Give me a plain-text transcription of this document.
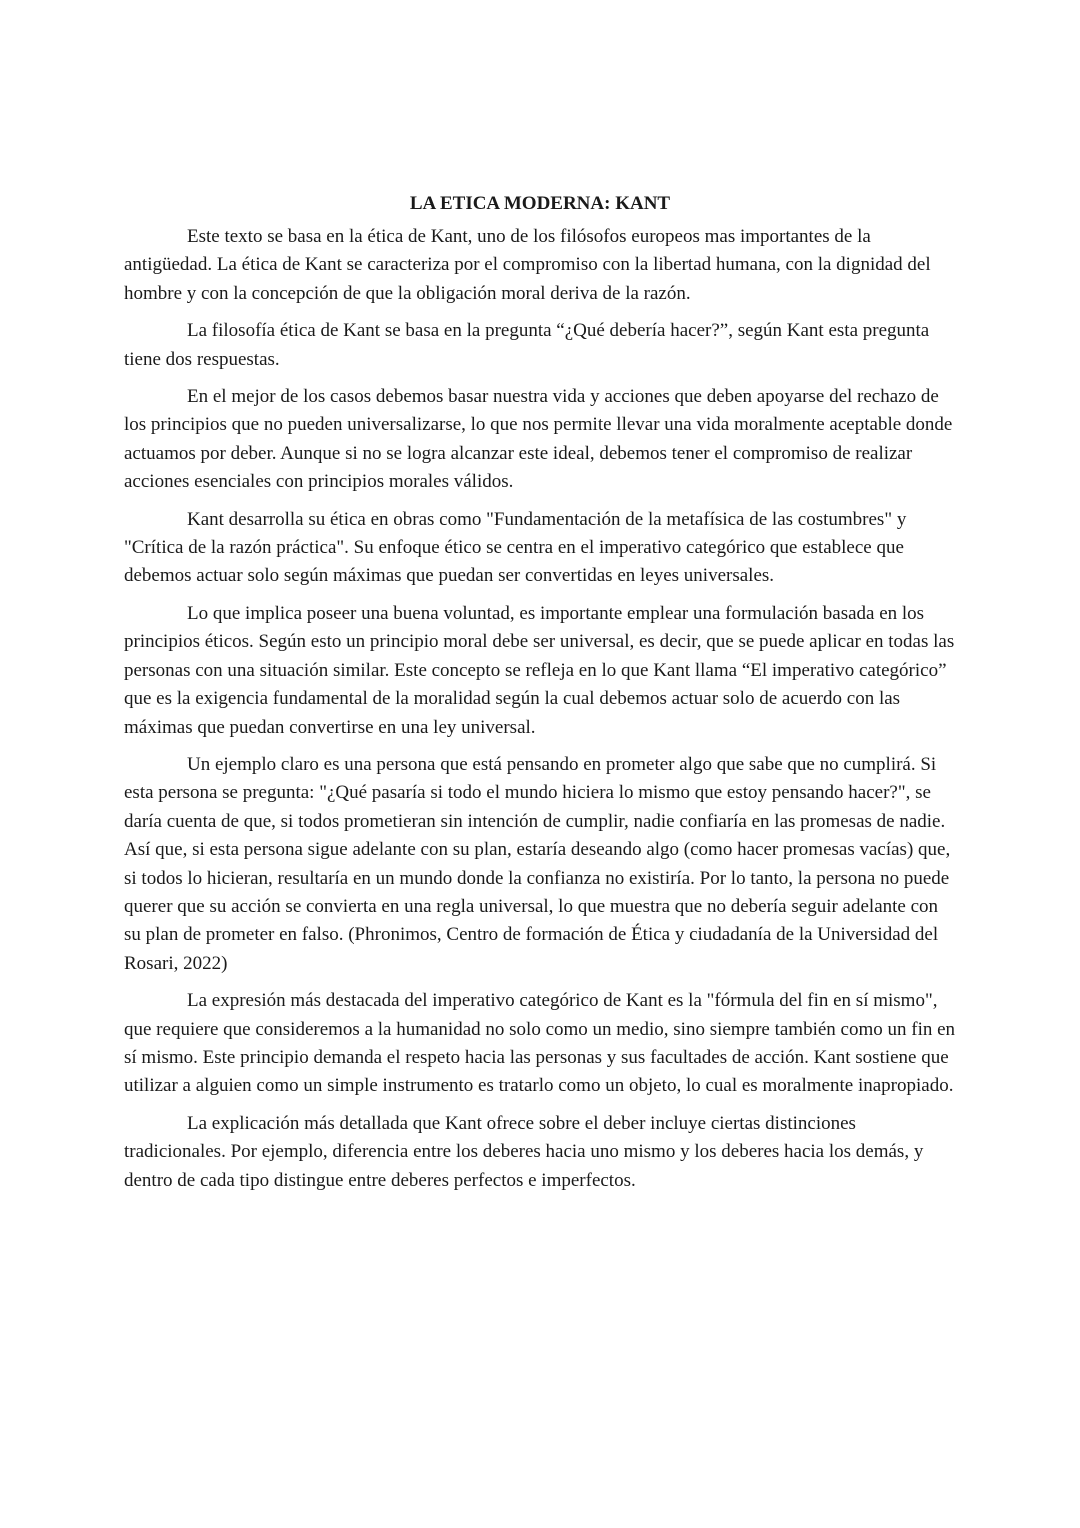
LA ETICA MODERNA: KANT

Este texto se basa en la ética de Kant, uno de los filósofos europeos mas importantes de la antigüedad. La ética de Kant se caracteriza por el compromiso con la libertad humana, con la dignidad del hombre y con la concepción de que la obligación moral deriva de la razón.

La filosofía ética de Kant se basa en la pregunta “¿Qué debería hacer?”, según Kant esta pregunta tiene dos respuestas.

En el mejor de los casos debemos basar nuestra vida y acciones que deben apoyarse del rechazo de los principios que no pueden universalizarse, lo que nos permite llevar una vida moralmente aceptable donde actuamos por deber. Aunque si no se logra alcanzar este ideal, debemos tener el compromiso de realizar acciones esenciales con principios morales válidos.

Kant desarrolla su ética en obras como "Fundamentación de la metafísica de las costumbres" y "Crítica de la razón práctica". Su enfoque ético se centra en el imperativo categórico que establece que debemos actuar solo según máximas que puedan ser convertidas en leyes universales.

Lo que implica poseer una buena voluntad, es importante emplear una formulación basada en los principios éticos. Según esto un principio moral debe ser universal, es decir, que se puede aplicar en todas las personas con una situación similar. Este concepto se refleja en lo que Kant llama “El imperativo categórico” que es la exigencia fundamental de la moralidad según la cual debemos actuar solo de acuerdo con las máximas que puedan convertirse en una ley universal.

Un ejemplo claro es una persona que está pensando en prometer algo que sabe que no cumplirá. Si esta persona se pregunta: "¿Qué pasaría si todo el mundo hiciera lo mismo que estoy pensando hacer?", se daría cuenta de que, si todos prometieran sin intención de cumplir, nadie confiaría en las promesas de nadie. Así que, si esta persona sigue adelante con su plan, estaría deseando algo (como hacer promesas vacías) que, si todos lo hicieran, resultaría en un mundo donde la confianza no existiría. Por lo tanto, la persona no puede querer que su acción se convierta en una regla universal, lo que muestra que no debería seguir adelante con su plan de prometer en falso. (Phronimos, Centro de formación de Ética y ciudadanía de la Universidad del Rosari, 2022)

La expresión más destacada del imperativo categórico de Kant es la "fórmula del fin en sí mismo", que requiere que consideremos a la humanidad no solo como un medio, sino siempre también como un fin en sí mismo. Este principio demanda el respeto hacia las personas y sus facultades de acción. Kant sostiene que utilizar a alguien como un simple instrumento es tratarlo como un objeto, lo cual es moralmente inapropiado.

La explicación más detallada que Kant ofrece sobre el deber incluye ciertas distinciones tradicionales. Por ejemplo, diferencia entre los deberes hacia uno mismo y los deberes hacia los demás, y dentro de cada tipo distingue entre deberes perfectos e imperfectos.
